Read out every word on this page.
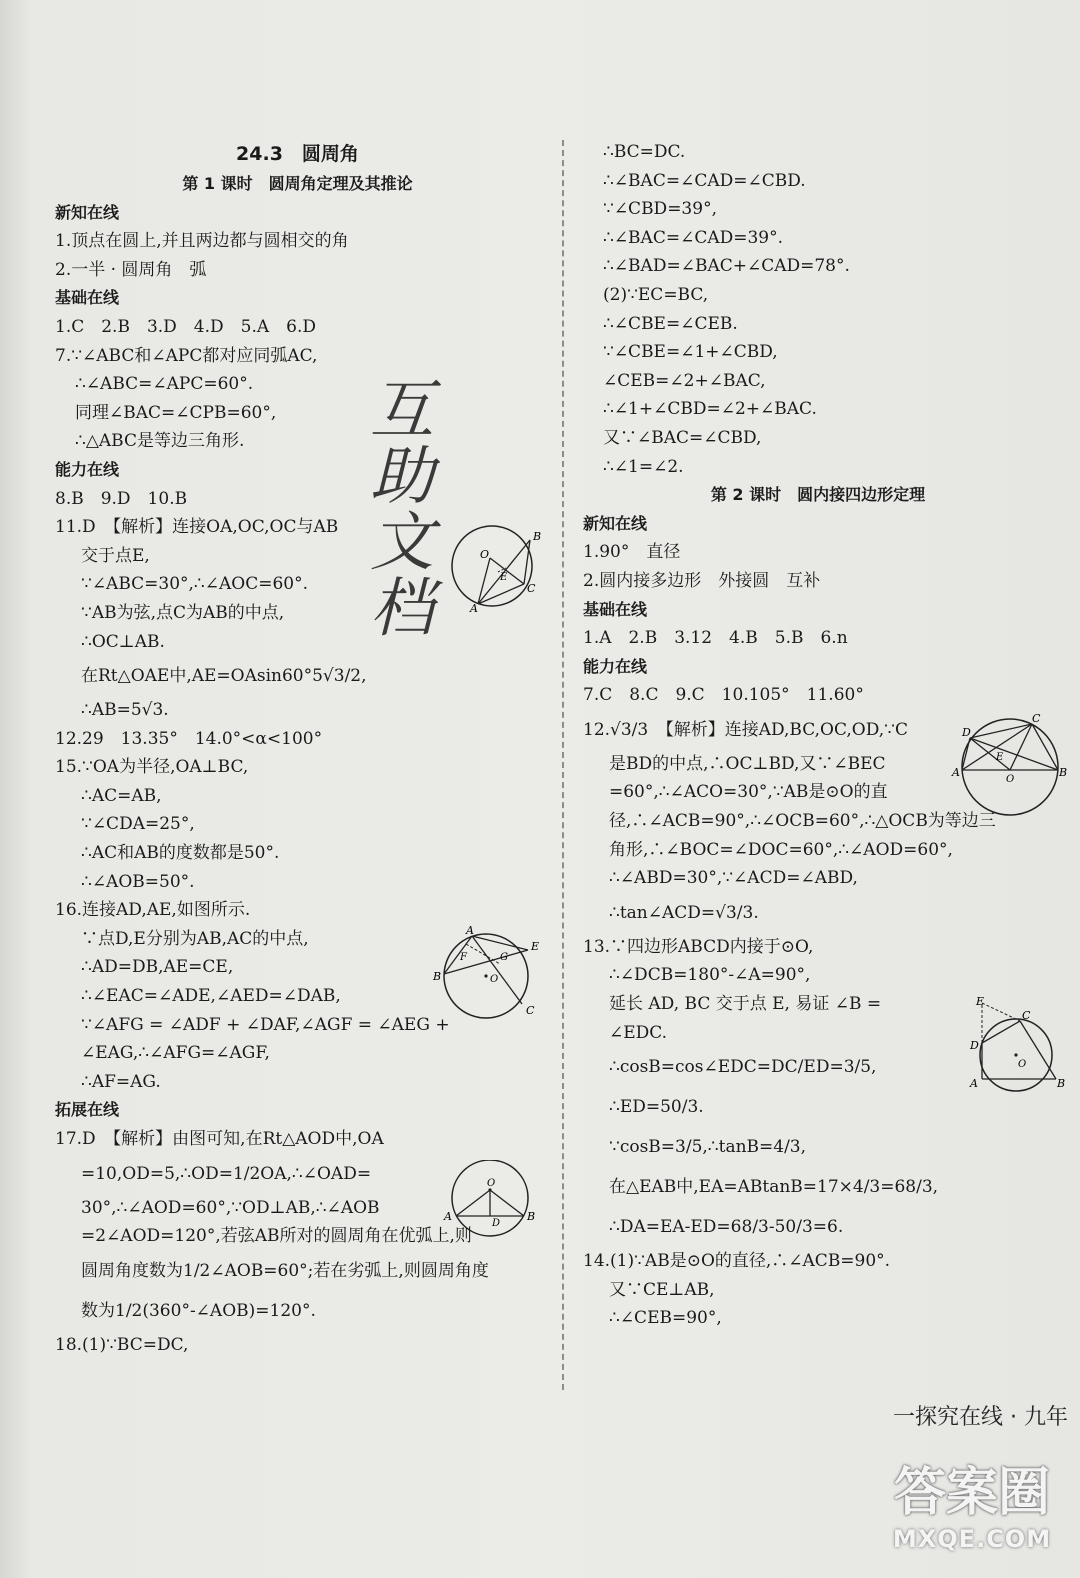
24.3　圆周角
第 1 课时　圆周角定理及其推论
新知在线
1.顶点在圆上,并且两边都与圆相交的角
2.一半 · 圆周角　弧
基础在线
1.C　2.B　3.D　4.D　5.A　6.D
7.∵∠ABC和∠APC都对应同弧AC,
∴∠ABC=∠APC=60°.
同理∠BAC=∠CPB=60°,
∴△ABC是等边三角形.
能力在线
8.B　9.D　10.B
11.D　【解析】连接OA,OC,OC与AB
交于点E,
∵∠ABC=30°,∴∠AOC=60°.
∵AB为弦,点C为AB的中点,
∴OC⊥AB.
在Rt△OAE中,AE=OAsin60°5√3/2,
∴AB=5√3.
12.29　13.35°　14.0°<α<100°
15.∵OA为半径,OA⊥BC,
∴AC=AB,
∵∠CDA=25°,
∴AC和AB的度数都是50°.
∴∠AOB=50°.
16.连接AD,AE,如图所示.
∵点D,E分别为AB,AC的中点,
∴AD=DB,AE=CE,
∴∠EAC=∠ADE,∠AED=∠DAB,
∵∠AFG = ∠ADF + ∠DAF,∠AGF = ∠AEG +
∠EAG,∴∠AFG=∠AGF,
∴AF=AG.
拓展在线
17.D　【解析】由图可知,在Rt△AOD中,OA
=10,OD=5,∴OD=1/2OA,∴∠OAD=
30°,∴∠AOD=60°,∵OD⊥AB,∴∠AOB
=2∠AOD=120°,若弦AB所对的圆周角在优弧上,则
圆周角度数为1/2∠AOB=60°;若在劣弧上,则圆周角度
数为1/2(360°-∠AOB)=120°.
18.(1)∵BC=DC,
∴BC=DC.
∴∠BAC=∠CAD=∠CBD.
∵∠CBD=39°,
∴∠BAC=∠CAD=39°.
∴∠BAD=∠BAC+∠CAD=78°.
(2)∵EC=BC,
∴∠CBE=∠CEB.
∵∠CBE=∠1+∠CBD,
∠CEB=∠2+∠BAC,
∴∠1+∠CBD=∠2+∠BAC.
又∵∠BAC=∠CBD,
∴∠1=∠2.
第 2 课时　圆内接四边形定理
新知在线
1.90°　直径
2.圆内接多边形　外接圆　互补
基础在线
1.A　2.B　3.12　4.B　5.B　6.n
能力在线
7.C　8.C　9.C　10.105°　11.60°
12.√3/3　【解析】连接AD,BC,OC,OD,∵C
是BD的中点,∴OC⊥BD,又∵∠BEC
=60°,∴∠ACO=30°,∵AB是⊙O的直
径,∴∠ACB=90°,∴∠OCB=60°,∴△OCB为等边三
角形,∴∠BOC=∠DOC=60°,∴∠AOD=60°,
∴∠ABD=30°,∵∠ACD=∠ABD,
∴tan∠ACD=√3/3.
13.∵四边形ABCD内接于⊙O,
∴∠DCB=180°-∠A=90°,
延长 AD, BC 交于点 E, 易证 ∠B =
∠EDC.
∴cosB=cos∠EDC=DC/ED=3/5,
∴ED=50/3.
∵cosB=3/5,∴tanB=4/3,
在△EAB中,EA=ABtanB=17×4/3=68/3,
∴DA=EA-ED=68/3-50/3=6.
14.(1)∵AB是⊙O的直径,∴∠ACB=90°.
又∵CE⊥AB,
∴∠CEB=90°,
互
助
文
档
O
B
E
C
A
A
E
F	G
B	O
C
O
A
D
B
D
C
A
E
O
B
E
C
D
O
A	B
一探究在线 · 九年
答案圈
MXQE.COM
